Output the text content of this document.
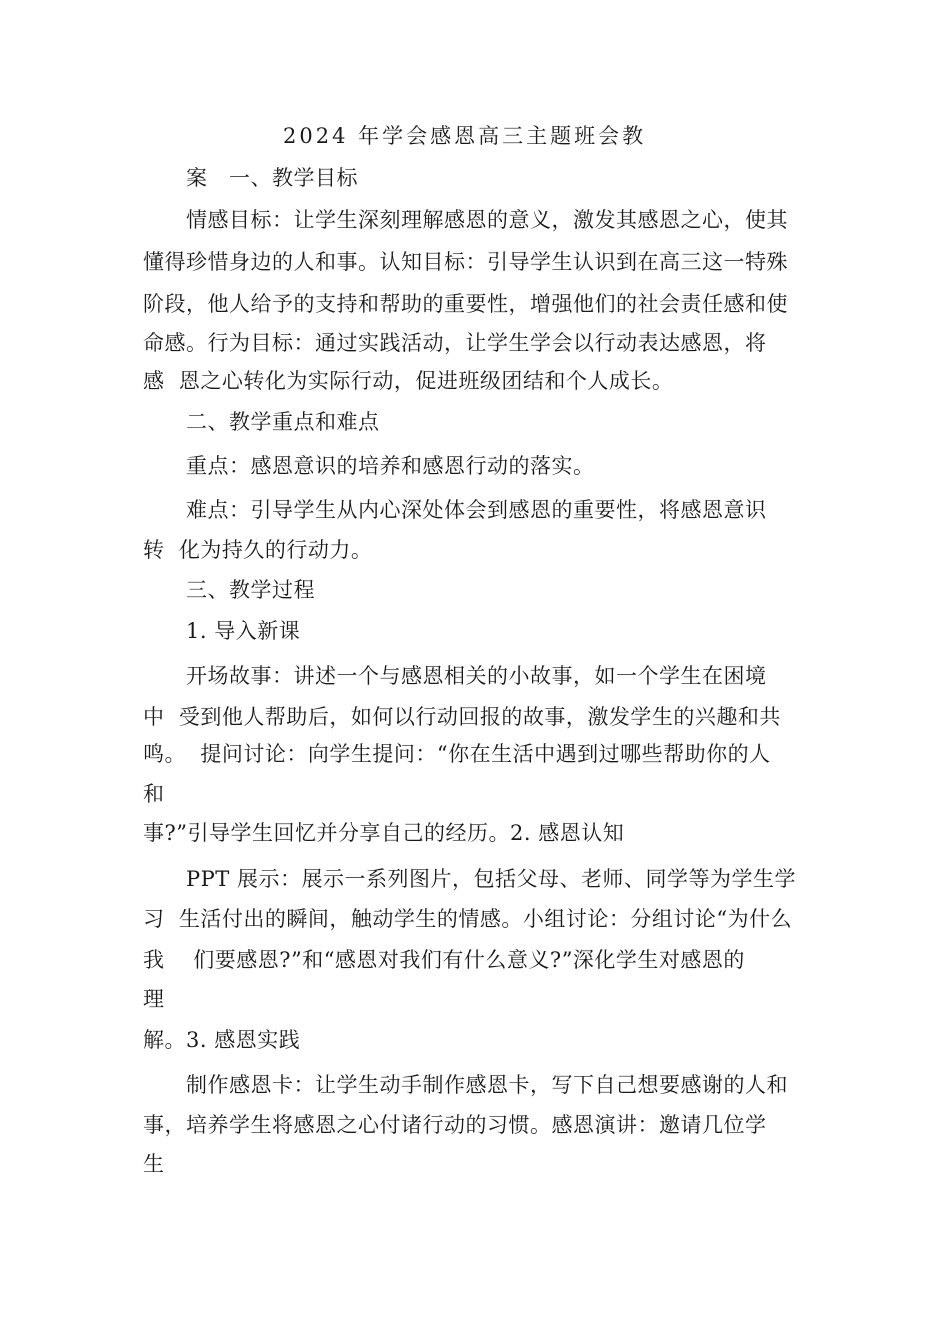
2024 年学会感恩高三主题班会教

案   一、教学目标

情感目标：让学生深刻理解感恩的意义，激发其感恩之心，使其

懂得珍惜身边的人和事。认知目标：引导学生认识到在高三这一特殊

阶段，他人给予的支持和帮助的重要性，增强他们的社会责任感和使

命感。行为目标：通过实践活动，让学生学会以行动表达感恩，将

感  恩之心转化为实际行动，促进班级团结和个人成长。

二、教学重点和难点

重点：感恩意识的培养和感恩行动的落实。

难点：引导学生从内心深处体会到感恩的重要性，将感恩意识

转  化为持久的行动力。

三、教学过程

1. 导入新课

开场故事：讲述一个与感恩相关的小故事，如一个学生在困境

中  受到他人帮助后，如何以行动回报的故事，激发学生的兴趣和共

鸣。  提问讨论：向学生提问：“你在生活中遇到过哪些帮助你的人

和

事?”引导学生回忆并分享自己的经历。2. 感恩认知

PPT 展示：展示一系列图片，包括父母、老师、同学等为学生学

习  生活付出的瞬间，触动学生的情感。小组讨论：分组讨论“为什么

我    们要感恩?”和“感恩对我们有什么意义?”深化学生对感恩的

理

解。3. 感恩实践

制作感恩卡：让学生动手制作感恩卡，写下自己想要感谢的人和

事，培养学生将感恩之心付诸行动的习惯。感恩演讲：邀请几位学

生
